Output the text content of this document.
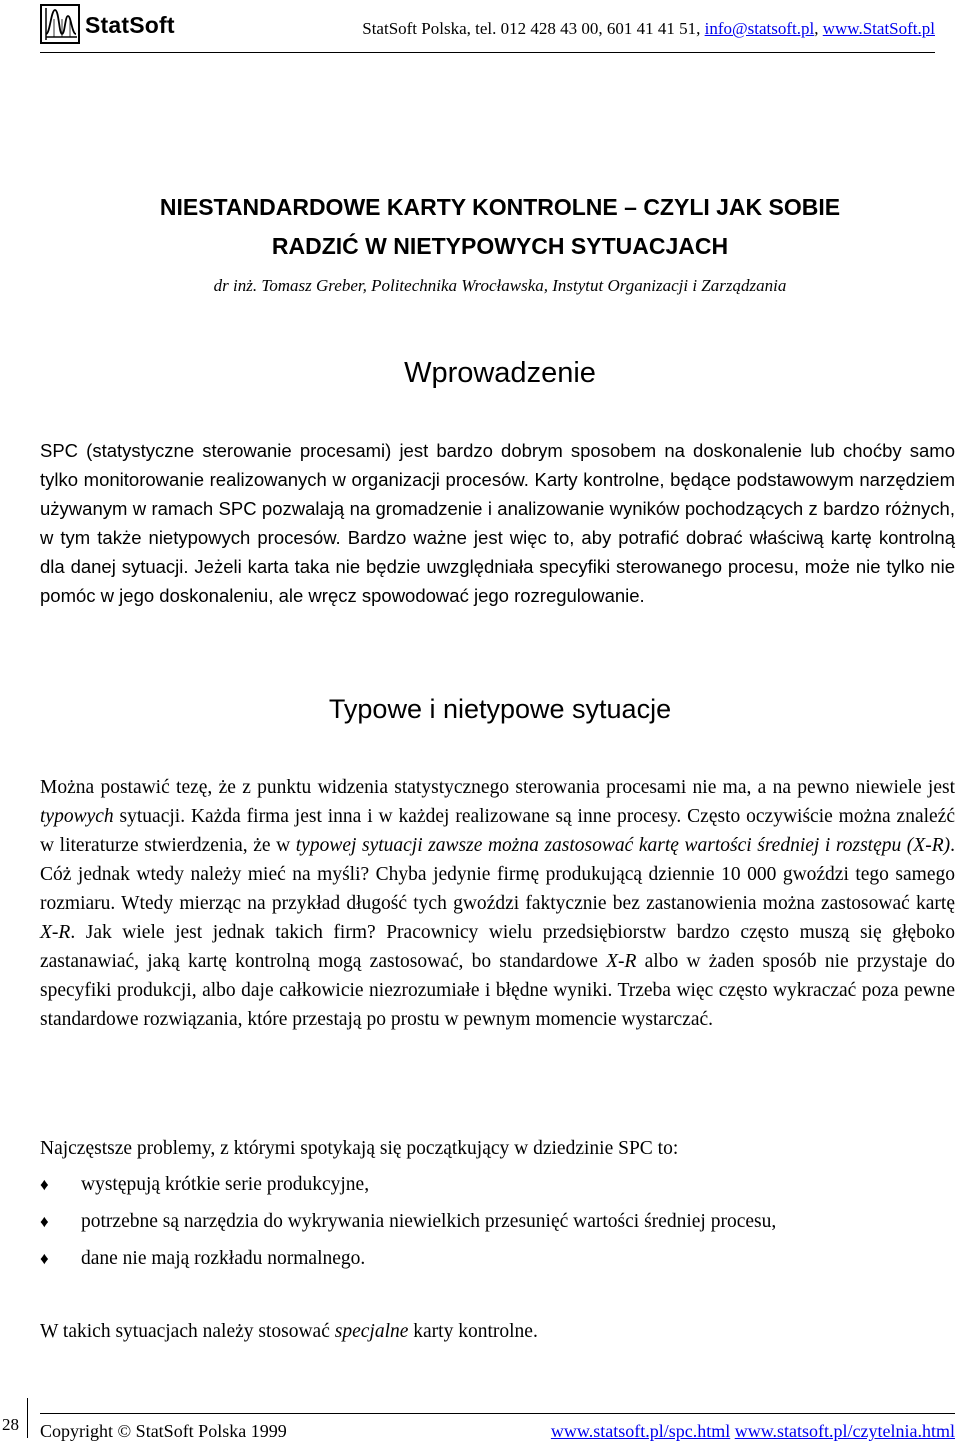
StatSoft	StatSoft Polska, tel. 012 428 43 00, 601 41 41 51, info@statsoft.pl, www.StatSoft.pl
NIESTANDARDOWE KARTY KONTROLNE – CZYLI JAK SOBIE
RADZIĆ W NIETYPOWYCH SYTUACJACH
dr inż. Tomasz Greber, Politechnika Wrocławska, Instytut Organizacji i Zarządzania
Wprowadzenie

SPC (statystyczne sterowanie procesami) jest bardzo dobrym sposobem na doskonalenie lub choćby samo tylko monitorowanie realizowanych w organizacji procesów. Karty kontrolne, będące podstawowym narzędziem używanym w ramach SPC pozwalają na gromadzenie i analizowanie wyników pochodzących z bardzo różnych, w tym także nietypowych procesów. Bardzo ważne jest więc to, aby potrafić dobrać właściwą kartę kontrolną dla danej sytuacji. Jeżeli karta taka nie będzie uwzględniała specyfiki sterowanego procesu, może nie tylko nie pomóc w jego doskonaleniu, ale wręcz spowodować jego rozregulowanie.

Typowe i nietypowe sytuacje

Można postawić tezę, że z punktu widzenia statystycznego sterowania procesami nie ma, a na pewno niewiele jest typowych sytuacji. Każda firma jest inna i w każdej realizowane są inne procesy. Często oczywiście można znaleźć w literaturze stwierdzenia, że w typowej sytuacji zawsze można zastosować kartę wartości średniej i rozstępu (X-R). Cóż jednak wtedy należy mieć na myśli? Chyba jedynie firmę produkującą dziennie 10 000 gwoździ tego samego rozmiaru. Wtedy mierząc na przykład długość tych gwoździ faktycznie bez zastanowienia można zastosować kartę X-R. Jak wiele jest jednak takich firm? Pracownicy wielu przedsiębiorstw bardzo często muszą się głęboko zastanawiać, jaką kartę kontrolną mogą zastosować, bo standardowe X-R albo w żaden sposób nie przystaje do specyfiki produkcji, albo daje całkowicie niezrozumiałe i błędne wyniki. Trzeba więc często wykraczać poza pewne standardowe rozwiązania, które przestają po prostu w pewnym momencie wystarczać.

Najczęstsze problemy, z którymi spotykają się początkujący w dziedzinie SPC to:

♦ występują krótkie serie produkcyjne,
♦ potrzebne są narzędzia do wykrywania niewielkich przesunięć wartości średniej procesu,
♦ dane nie mają rozkładu normalnego.

W takich sytuacjach należy stosować specjalne karty kontrolne.

28 Copyright © StatSoft Polska 1999	www.statsoft.pl/spc.html www.statsoft.pl/czytelnia.html
